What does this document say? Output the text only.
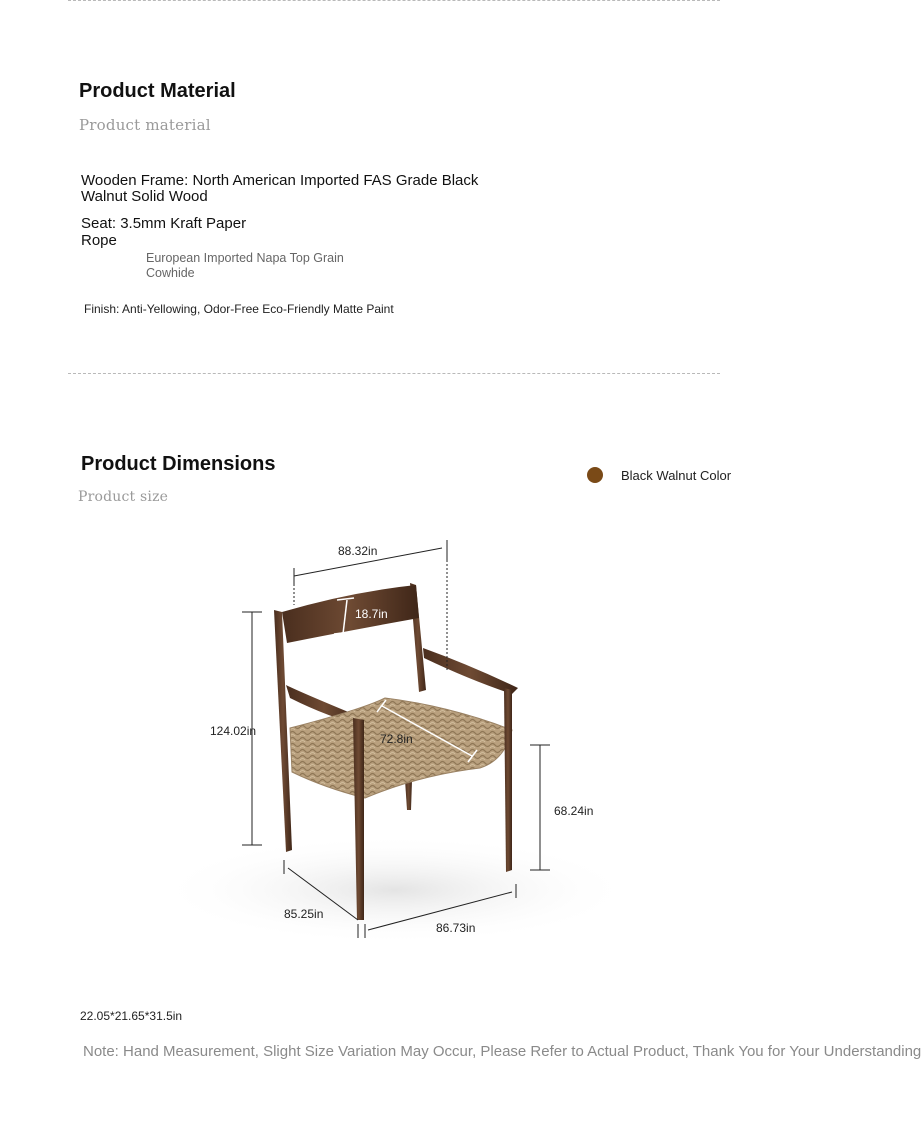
Product Material
Product material
Wooden Frame: North American Imported FAS Grade Black
Walnut Solid Wood
Seat: 3.5mm Kraft Paper
Rope
European Imported Napa Top Grain
Cowhide
Finish: Anti-Yellowing, Odor-Free Eco-Friendly Matte Paint
Product Dimensions
Product size
Black Walnut Color
88.32in
18.7in
124.02in
72.8in
68.24in
85.25in
86.73in
22.05*21.65*31.5in
Note: Hand Measurement, Slight Size Variation May Occur, Please Refer to Actual Product, Thank You for Your Understanding
